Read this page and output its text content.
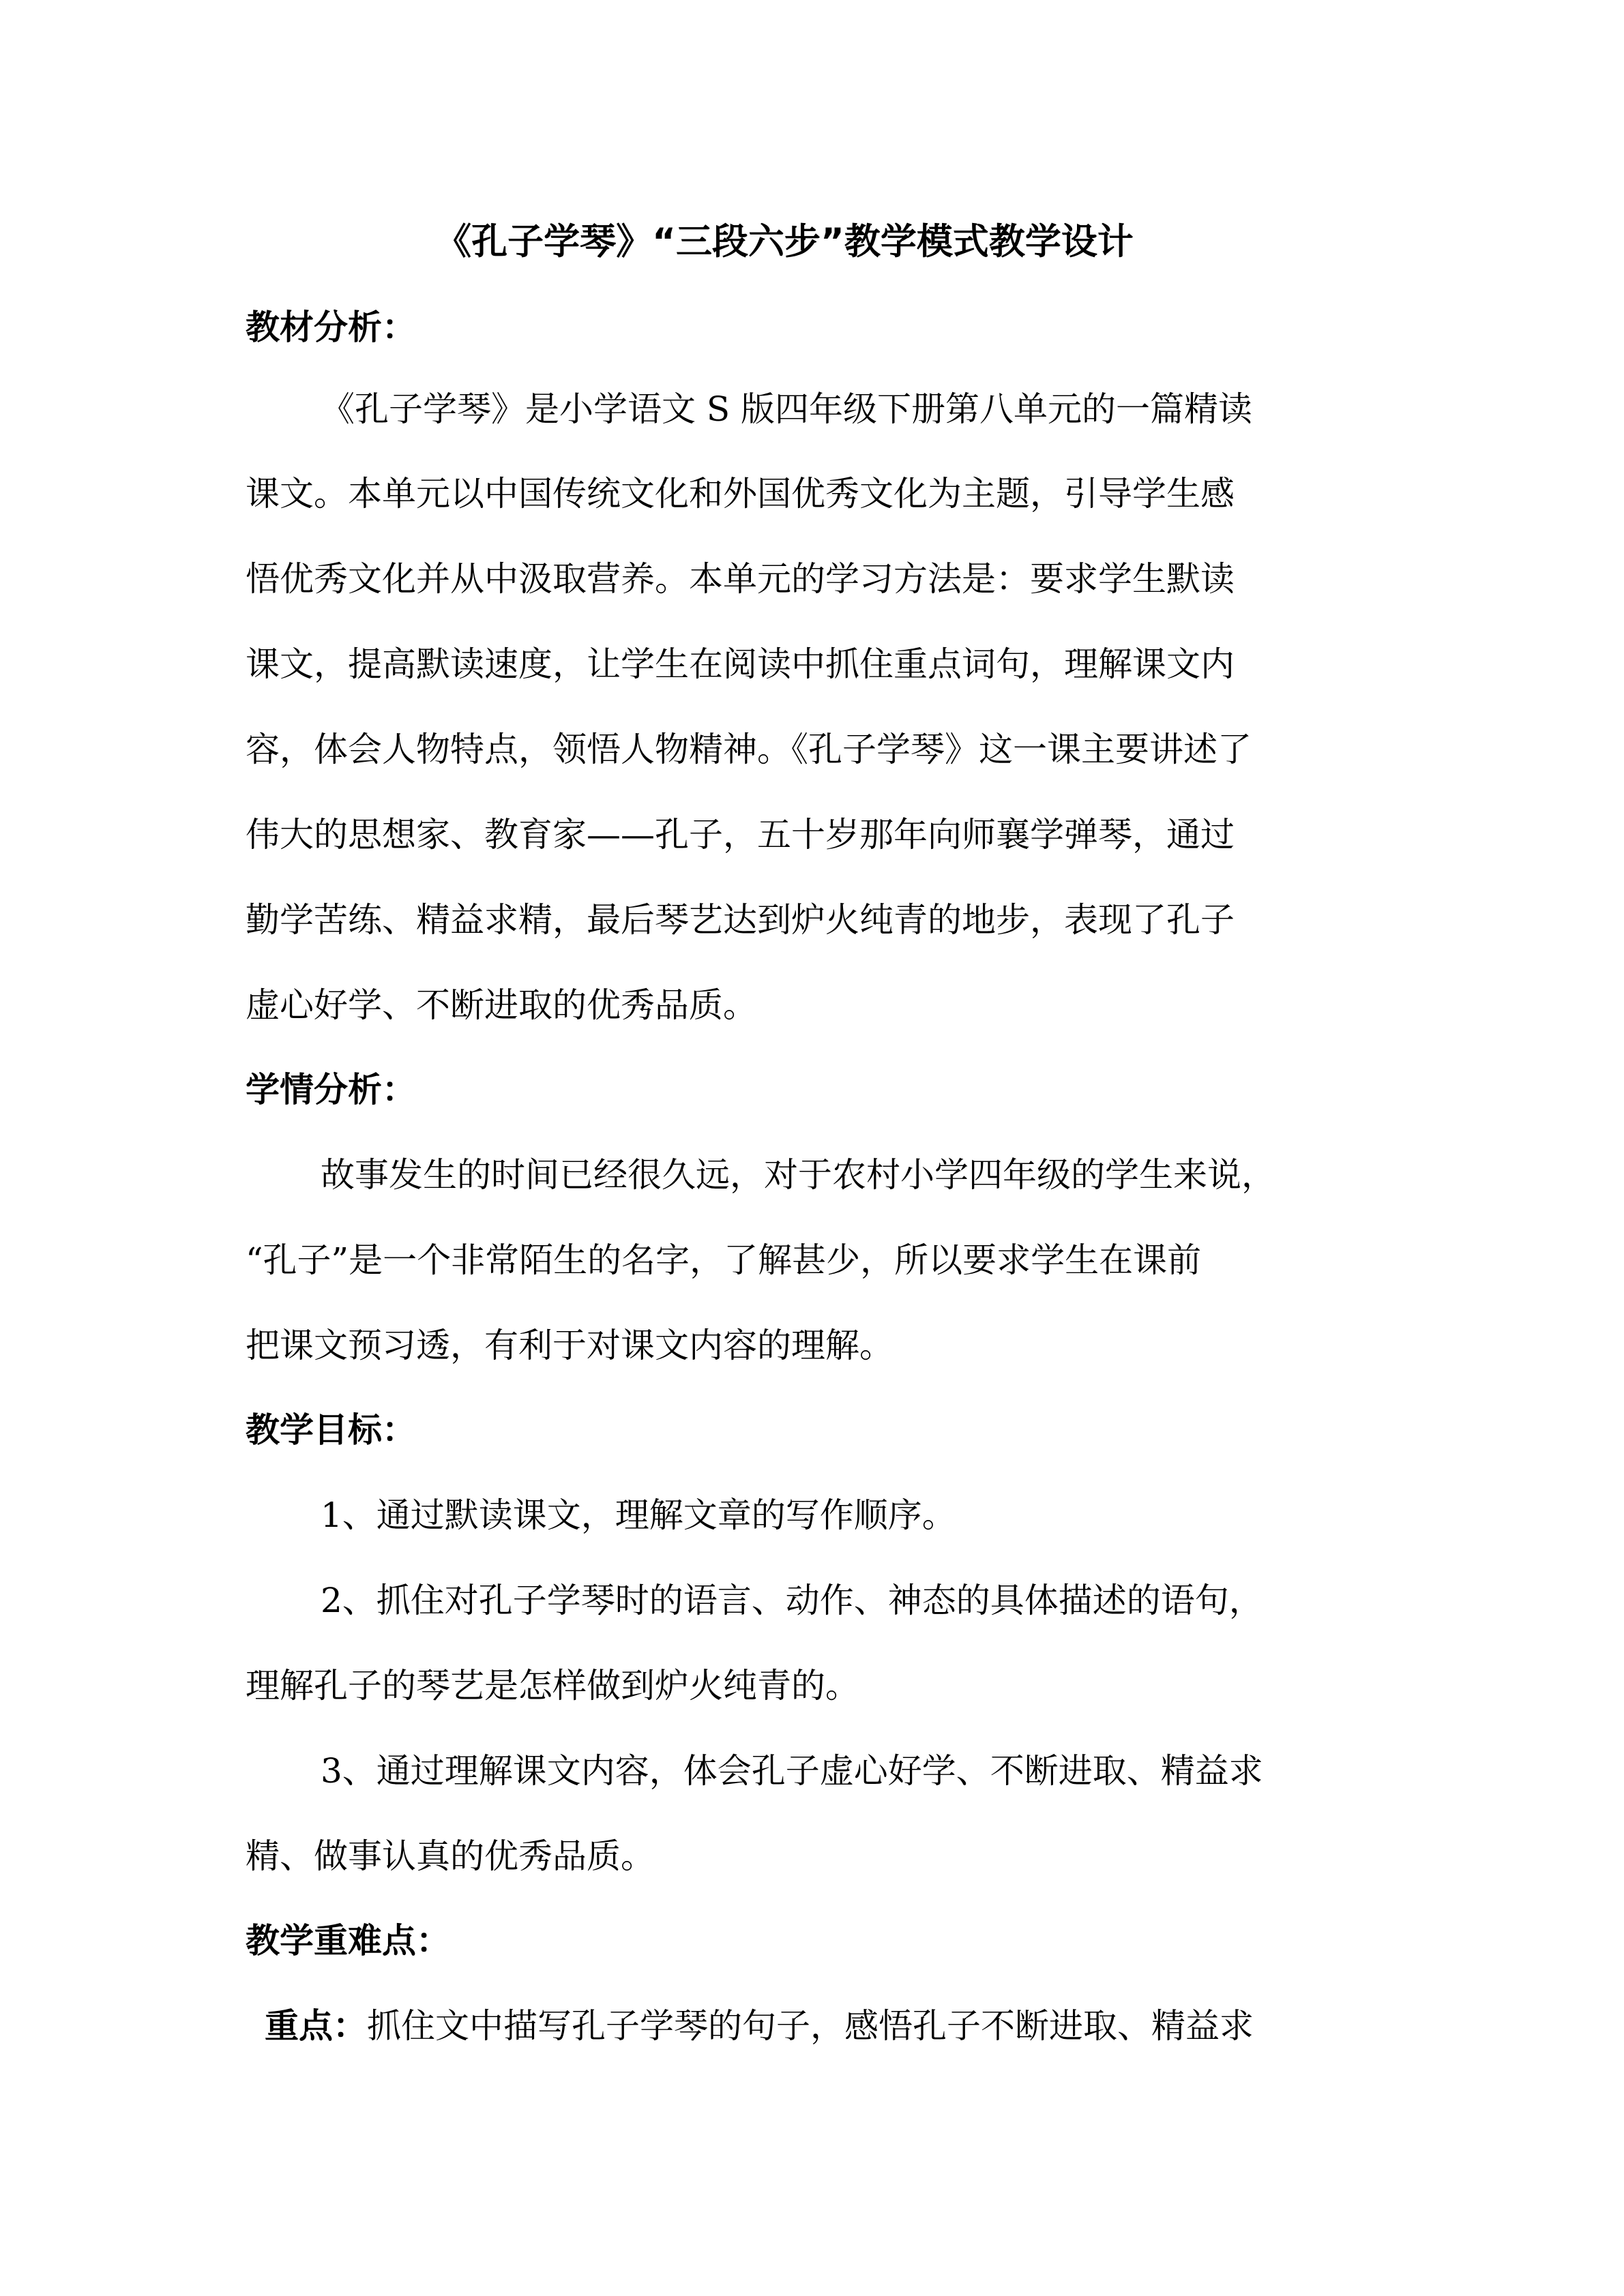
《孔子学琴》“三段六步”教学模式教学设计
教材分析：
《孔子学琴》是小学语文 S 版四年级下册第八单元的一篇精读
课文。本单元以中国传统文化和外国优秀文化为主题，引导学生感
悟优秀文化并从中汲取营养。本单元的学习方法是：要求学生默读
课文，提高默读速度，让学生在阅读中抓住重点词句，理解课文内
容，体会人物特点，领悟人物精神。《孔子学琴》这一课主要讲述了
伟大的思想家、教育家——孔子，五十岁那年向师襄学弹琴，通过
勤学苦练、精益求精，最后琴艺达到炉火纯青的地步，表现了孔子
虚心好学、不断进取的优秀品质。
学情分析：
故事发生的时间已经很久远，对于农村小学四年级的学生来说，
“孔子”是一个非常陌生的名字，了解甚少，所以要求学生在课前
把课文预习透，有利于对课文内容的理解。
教学目标：
1、通过默读课文，理解文章的写作顺序。
2、抓住对孔子学琴时的语言、动作、神态的具体描述的语句，
理解孔子的琴艺是怎样做到炉火纯青的。
3、通过理解课文内容，体会孔子虚心好学、不断进取、精益求
精、做事认真的优秀品质。
教学重难点：
重点：抓住文中描写孔子学琴的句子，感悟孔子不断进取、精益求
